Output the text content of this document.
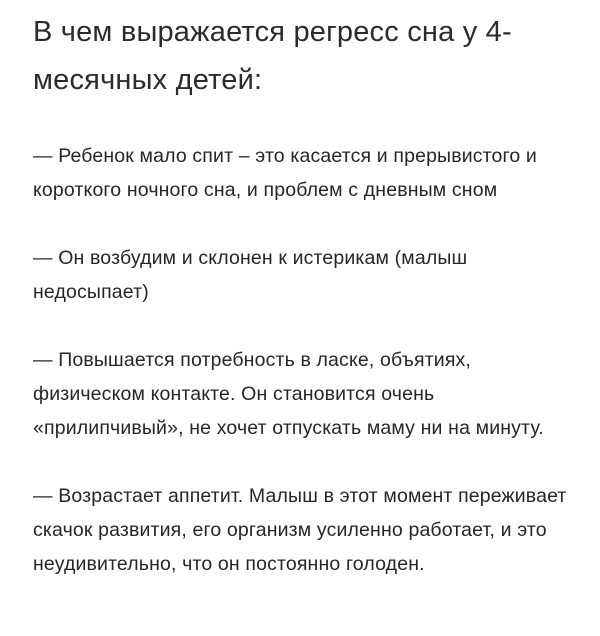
В чем выражается регресс сна у 4-месячных детей:

— Ребенок мало спит – это касается и прерывистого и короткого ночного сна, и проблем с дневным сном

— Он возбудим и склонен к истерикам (малыш недосыпает)

— Повышается потребность в ласке, объятиях, физическом контакте. Он становится очень «прилипчивый», не хочет отпускать маму ни на минуту.

— Возрастает аппетит. Малыш в этот момент переживает скачок развития, его организм усиленно работает, и это неудивительно, что он постоянно голоден.
